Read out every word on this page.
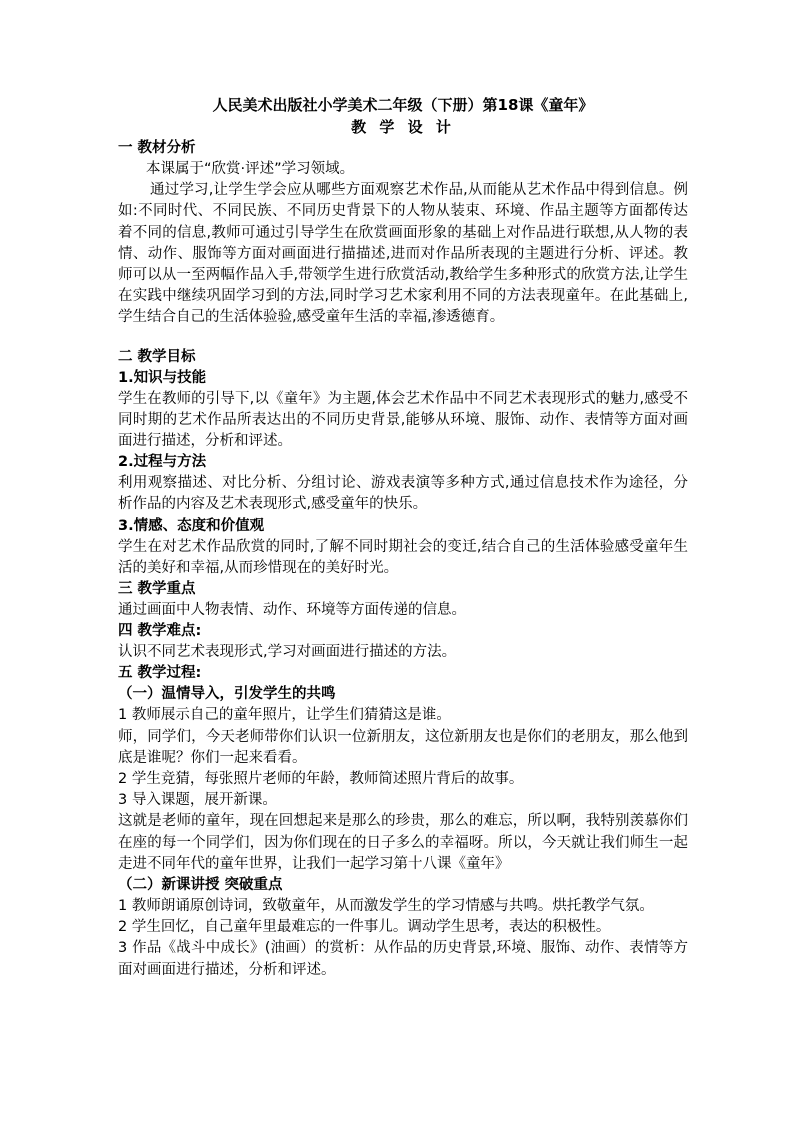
人民美术出版社小学美术二年级（下册）第18课《童年》

教 学 设 计

一 教材分析

本课属于“欣赏·评述”学习领域。

通过学习,让学生学会应从哪些方面观察艺术作品,从而能从艺术作品中得到信息。例如:不同时代、不同民族、不同历史背景下的人物从装束、环境、作品主题等方面都传达着不同的信息,教师可通过引导学生在欣赏画面形象的基础上对作品进行联想,从人物的表情、动作、服饰等方面对画面进行描描述,进而对作品所表现的主题进行分析、评述。教师可以从一至两幅作品入手,带领学生进行欣赏活动,教给学生多种形式的欣赏方法,让学生在实践中继续巩固学习到的方法,同时学习艺术家利用不同的方法表现童年。在此基础上,学生结合自己的生活体验验,感受童年生活的幸福,渗透德育。

二 教学目标

1.知识与技能

学生在教师的引导下,以《童年》为主题,体会艺术作品中不同艺术表现形式的魅力,感受不同时期的艺术作品所表达出的不同历史背景,能够从环境、服饰、动作、表情等方面对画面进行描述，分析和评述。

2.过程与方法

利用观察描述、对比分析、分组讨论、游戏表演等多种方式,通过信息技术作为途径，分析作品的内容及艺术表现形式,感受童年的快乐。

3.情感、态度和价值观

学生在对艺术作品欣赏的同时,了解不同时期社会的变迁,结合自己的生活体验感受童年生活的美好和幸福,从而珍惜现在的美好时光。

三 教学重点

通过画面中人物表情、动作、环境等方面传递的信息。

四 教学难点:

认识不同艺术表现形式,学习对画面进行描述的方法。

五 教学过程:

（一）温情导入，引发学生的共鸣

1 教师展示自己的童年照片，让学生们猜猜这是谁。

师，同学们，今天老师带你们认识一位新朋友，这位新朋友也是你们的老朋友，那么他到底是谁呢？你们一起来看看。

2 学生竞猜，每张照片老师的年龄，教师简述照片背后的故事。

3 导入课题，展开新课。

这就是老师的童年，现在回想起来是那么的珍贵，那么的难忘，所以啊，我特别羡慕你们在座的每一个同学们，因为你们现在的日子多么的幸福呀。所以，今天就让我们师生一起走进不同年代的童年世界，让我们一起学习第十八课《童年》

（二）新课讲授 突破重点

1 教师朗诵原创诗词，致敬童年，从而激发学生的学习情感与共鸣。烘托教学气氛。

2 学生回忆，自己童年里最难忘的一件事儿。调动学生思考，表达的积极性。

3 作品《战斗中成长》(油画）的赏析：从作品的历史背景,环境、服饰、动作、表情等方面对画面进行描述，分析和评述。
